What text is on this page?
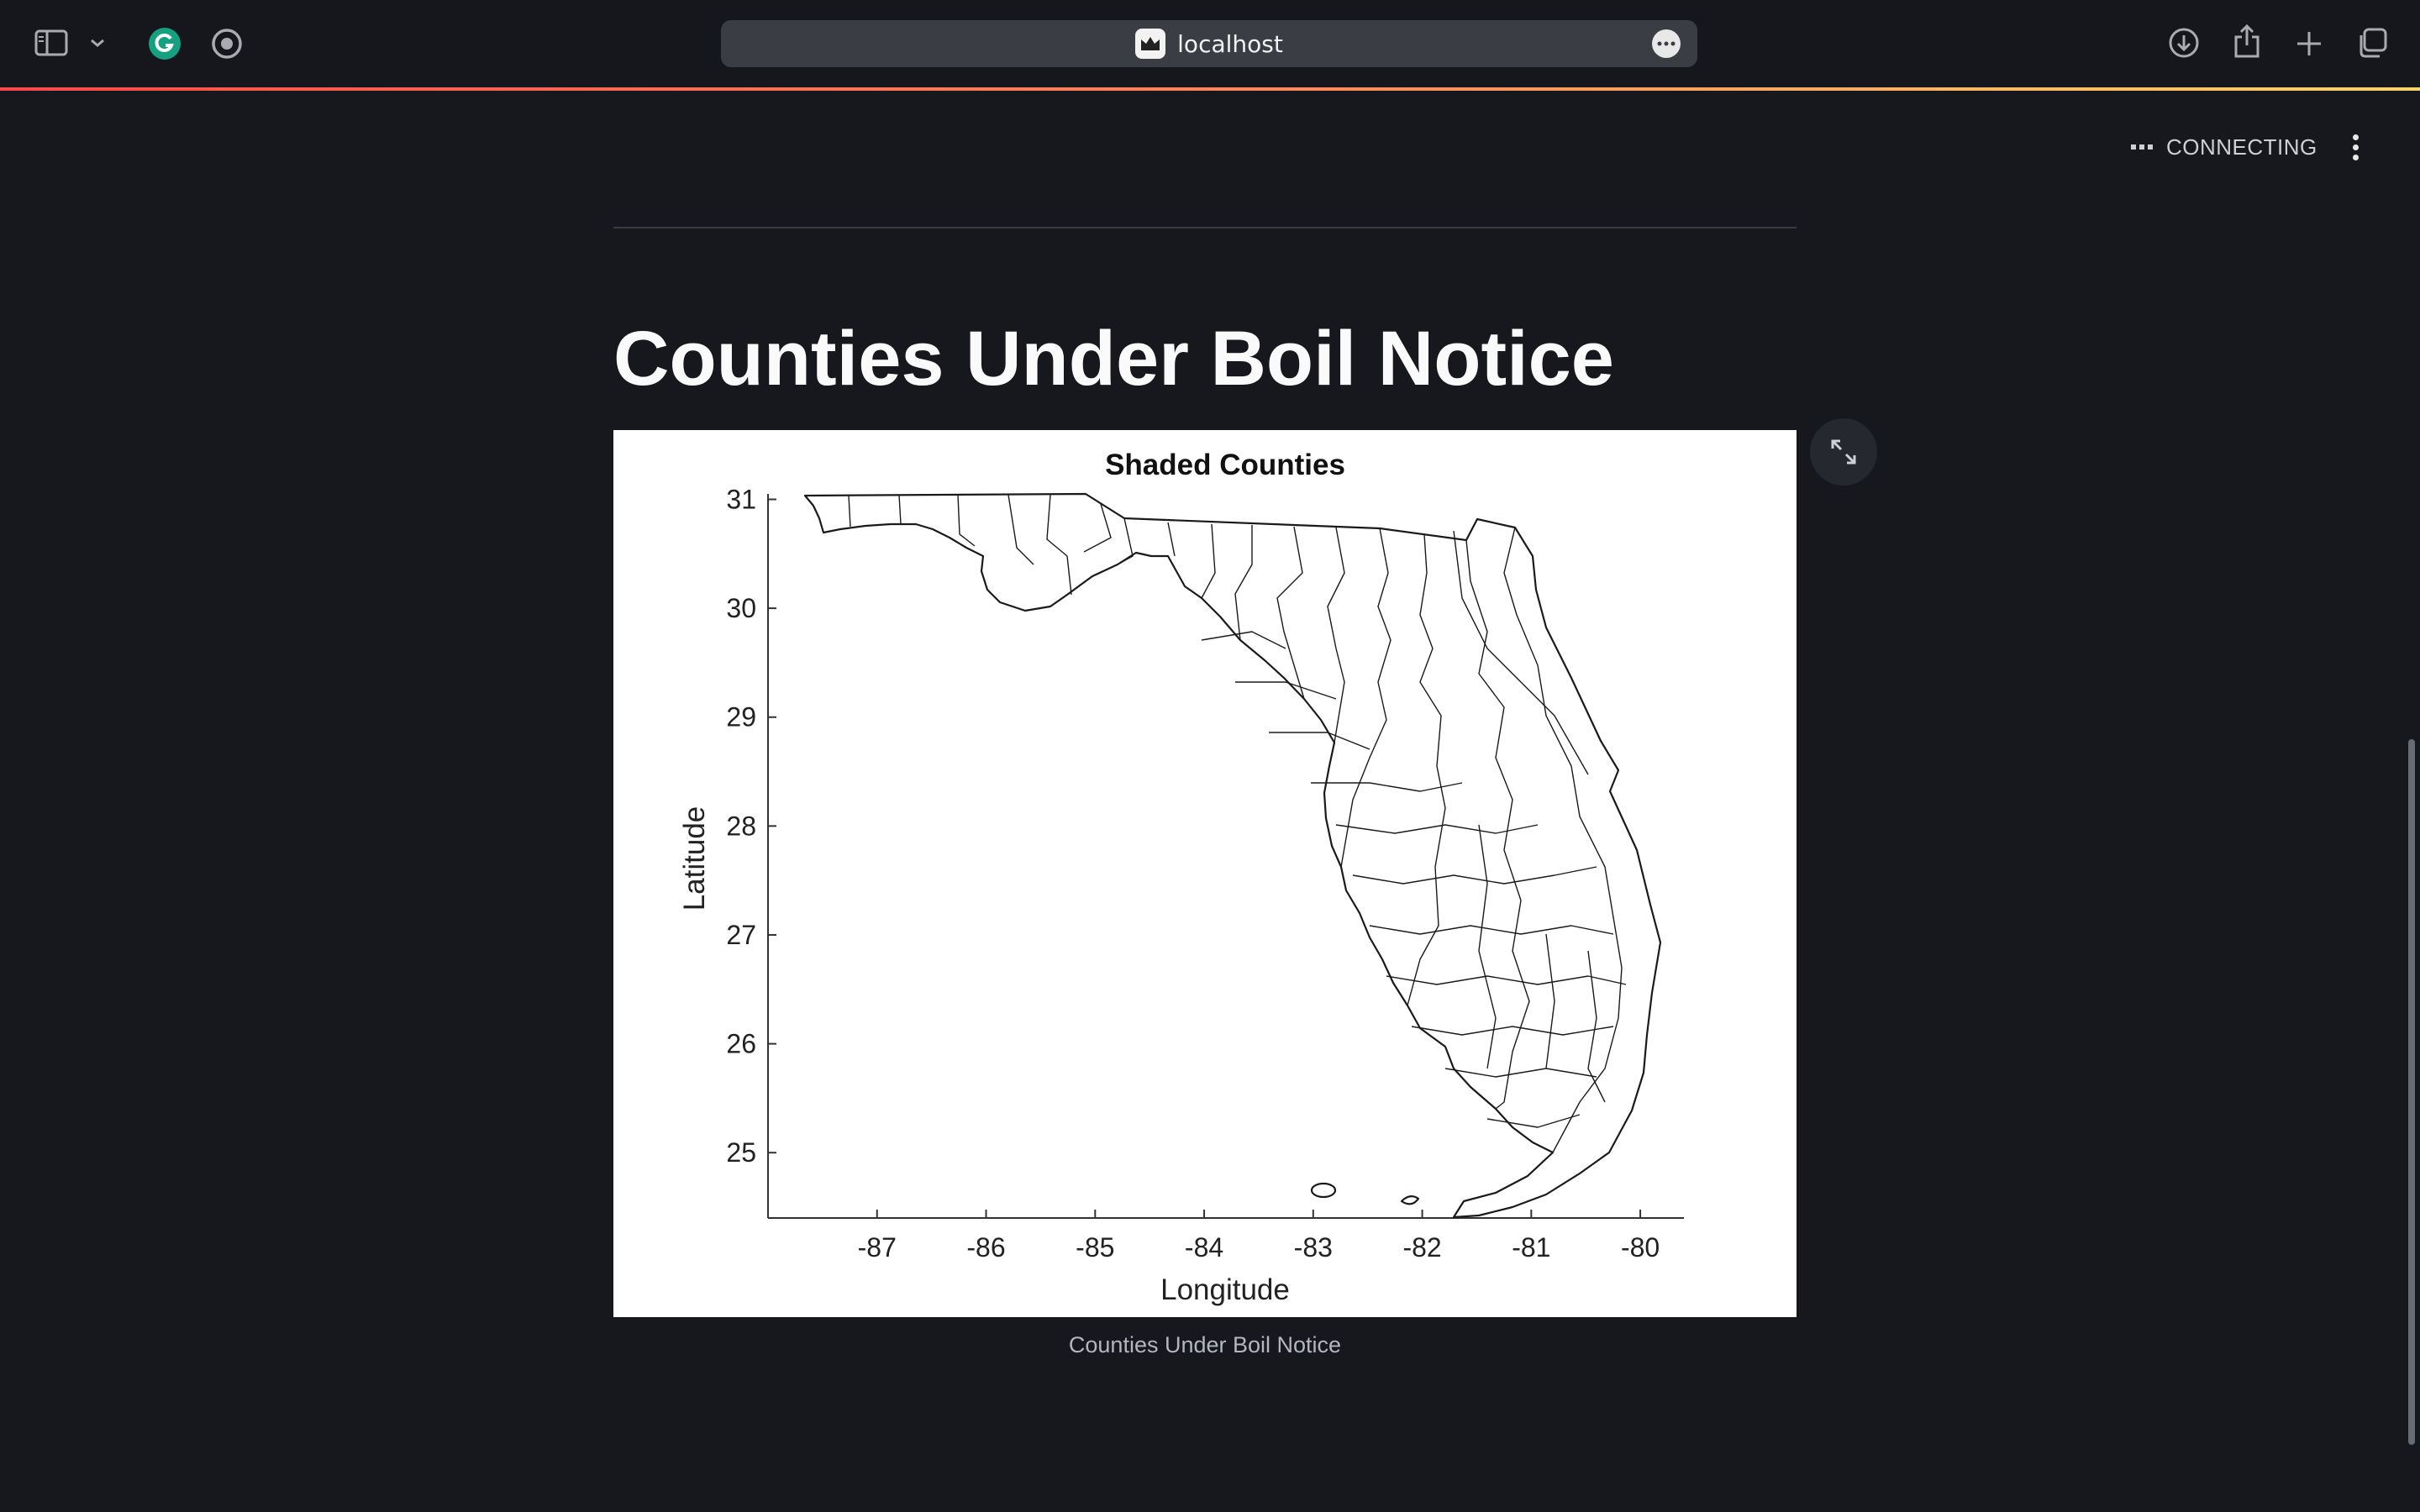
localhost
CONNECTING
Counties Under Boil Notice
Shaded Counties
-87	-86	-85	-84	-83	-82	-81	-80
25
26
27
28
29
30
31
Longitude
Latitude
Counties Under Boil Notice
